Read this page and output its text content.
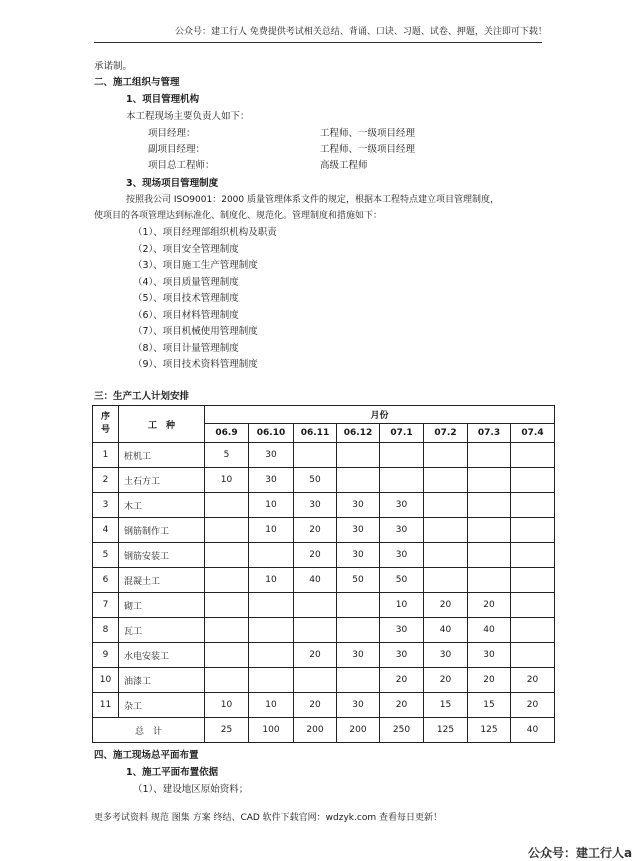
公众号：建工行人 免费提供考试相关总结、背诵、口诀、习题、试卷、押题，关注即可下载！
承诺制。
二、施工组织与管理
1、项目管理机构
本工程现场主要负责人如下：
项目经理：	工程师、一级项目经理
副项目经理：	工程师、一级项目经理
项目总工程师：	高级工程师
3、现场项目管理制度
按照我公司 ISO9001：2000 质量管理体系文件的规定，根据本工程特点建立项目管理制度，
使项目的各项管理达到标准化、制度化、规范化。管理制度和措施如下：
（1）、项目经理部组织机构及职责
（2）、项目安全管理制度
（3）、项目施工生产管理制度
（4）、项目质量管理制度
（5）、项目技术管理制度
（6）、项目材料管理制度
（7）、项目机械使用管理制度
（8）、项目计量管理制度
（9）、项目技术资料管理制度
三：生产工人计划安排
序
号	工　种	月份							
		06.9	06.10	06.11	06.12	07.1	07.2	07.3	07.4
1	桩机工	5	30						
2	土石方工	10	30	50					
3	木工		10	30	30	30			
4	钢筋制作工		10	20	30	30			
5	钢筋安装工			20	30	30			
6	混凝土工		10	40	50	50			
7	砌工					10	20	20	
8	瓦工					30	40	40	
9	水电安装工			20	30	30	30	30	
10	油漆工					20	20	20	20
11	杂工	10	10	20	30	20	15	15	20
总　计		25	100	200	200	250	125	125	40
四、施工现场总平面布置
1、施工平面布置依据
（1）、建设地区原始资料；
更多考试资料 规范 图集 方案 终结、CAD 软件下载官网：wdzyk.com 查看每日更新！
公众号：建工行人a
